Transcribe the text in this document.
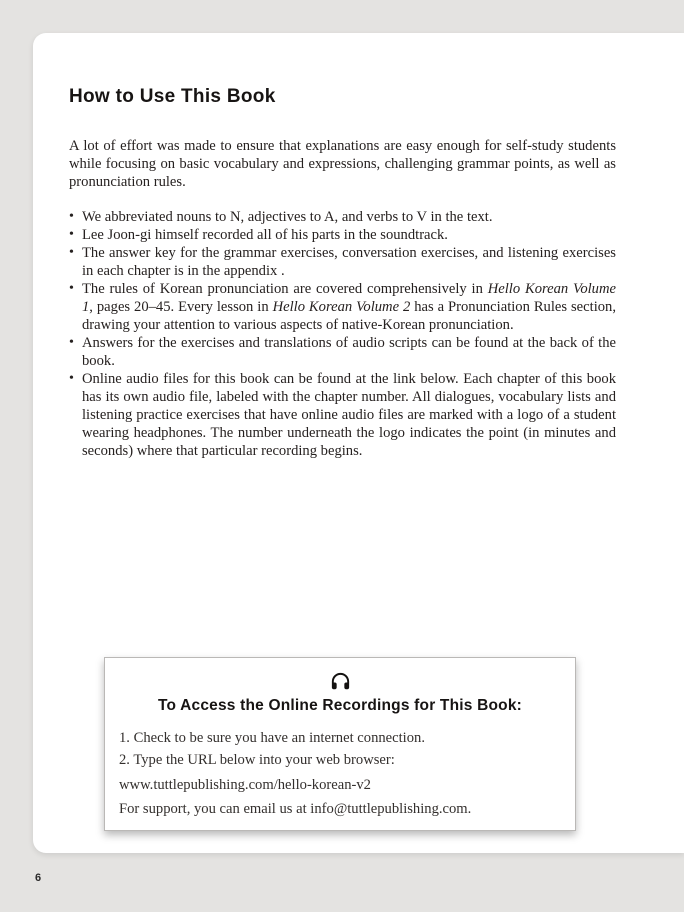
How to Use This Book

A lot of effort was made to ensure that explanations are easy enough for self-study students while focusing on basic vocabulary and expressions, challenging grammar points, as well as pronunciation rules.

• We abbreviated nouns to N, adjectives to A, and verbs to V in the text.
• Lee Joon-gi himself recorded all of his parts in the soundtrack.
• The answer key for the grammar exercises, conversation exercises, and listening exercises in each chapter is in the appendix .
• The rules of Korean pronunciation are covered comprehensively in Hello Korean Volume 1, pages 20–45. Every lesson in Hello Korean Volume 2 has a Pronunciation Rules section, drawing your attention to various aspects of native-Korean pronunciation.
• Answers for the exercises and translations of audio scripts can be found at the back of the book.
• Online audio files for this book can be found at the link below. Each chapter of this book has its own audio file, labeled with the chapter number. All dialogues, vocabulary lists and listening practice exercises that have online audio files are marked with a logo of a student wearing headphones. The number underneath the logo indicates the point (in minutes and seconds) where that particular recording begins.
To Access the Online Recordings for This Book:
1. Check to be sure you have an internet connection.
2. Type the URL below into your web browser:
www.tuttlepublishing.com/hello-korean-v2
For support, you can email us at info@tuttlepublishing.com.
6
